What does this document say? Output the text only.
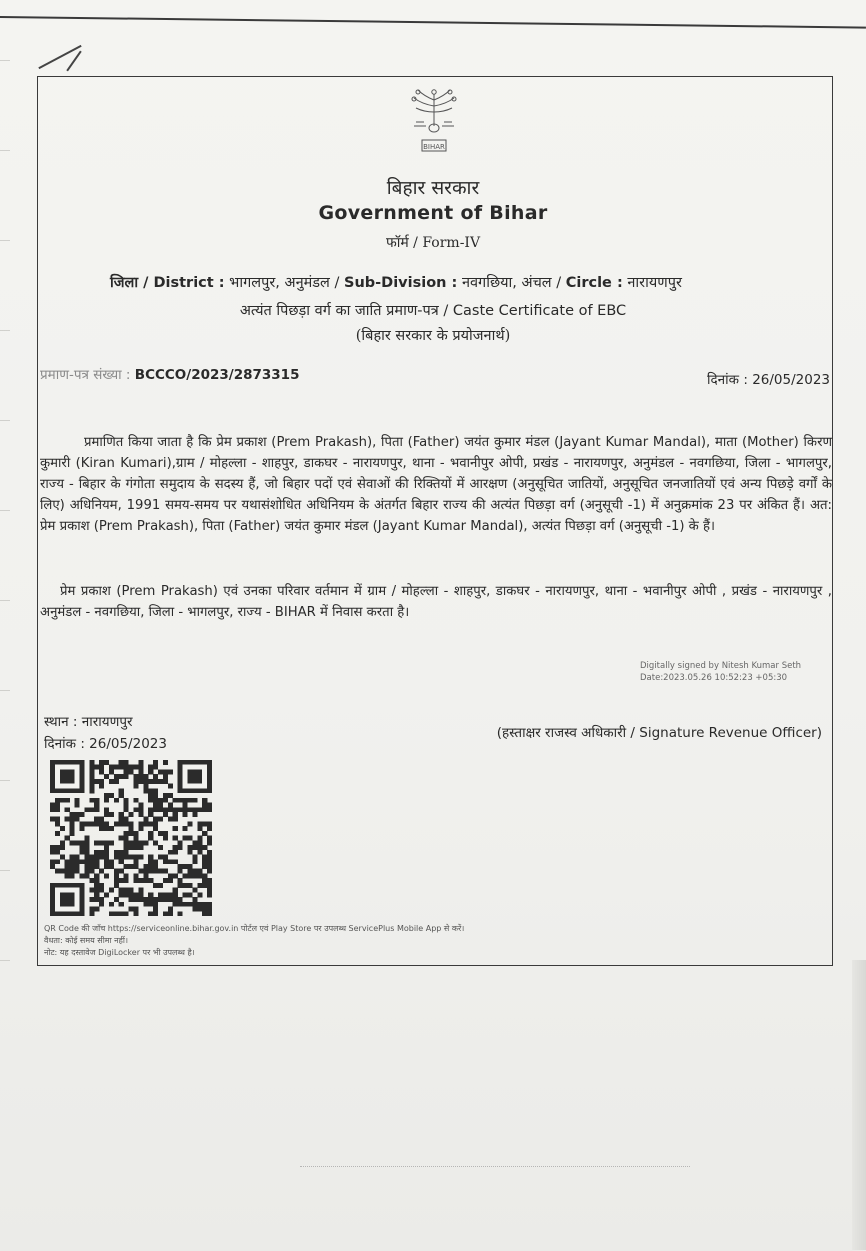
BIHAR
बिहार सरकार
Government of Bihar
फॉर्म / Form-IV
जिला / District : भागलपुर, अनुमंडल / Sub-Division : नवगछिया, अंचल / Circle : नारायणपुर
अत्यंत पिछड़ा वर्ग का जाति प्रमाण-पत्र / Caste Certificate of EBC
(बिहार सरकार के प्रयोजनार्थ)
प्रमाण-पत्र संख्या : BCCCO/2023/2873315	दिनांक : 26/05/2023
प्रमाणित किया जाता है कि प्रेम प्रकाश (Prem Prakash), पिता (Father) जयंत कुमार मंडल (Jayant Kumar Mandal), माता (Mother) किरण कुमारी (Kiran Kumari),ग्राम / मोहल्ला - शाहपुर, डाकघर - नारायणपुर, थाना - भवानीपुर ओपी, प्रखंड - नारायणपुर, अनुमंडल - नवगछिया, जिला - भागलपुर, राज्य - बिहार के गंगोता समुदाय के सदस्य हैं, जो बिहार पदों एवं सेवाओं की रिक्तियों में आरक्षण (अनुसूचित जातियों, अनुसूचित जनजातियों एवं अन्य पिछड़े वर्गों के लिए) अधिनियम, 1991 समय-समय पर यथासंशोधित अधिनियम के अंतर्गत बिहार राज्य की अत्यंत पिछड़ा वर्ग (अनुसूची -1) में अनुक्रमांक 23 पर अंकित हैं। अत: प्रेम प्रकाश (Prem Prakash), पिता (Father) जयंत कुमार मंडल (Jayant Kumar Mandal), अत्यंत पिछड़ा वर्ग (अनुसूची -1) के हैं।
प्रेम प्रकाश (Prem Prakash) एवं उनका परिवार वर्तमान में ग्राम / मोहल्ला - शाहपुर, डाकघर - नारायणपुर, थाना - भवानीपुर ओपी , प्रखंड - नारायणपुर , अनुमंडल - नवगछिया, जिला - भागलपुर, राज्य - BIHAR में निवास करता है।
Digitally signed by Nitesh Kumar Seth
Date:2023.05.26 10:52:23 +05:30
स्थान : नारायणपुर
दिनांक : 26/05/2023
(हस्ताक्षर राजस्व अधिकारी / Signature Revenue Officer)
QR Code की जाँच https://serviceonline.bihar.gov.in पोर्टल एवं Play Store पर उपलब्ध ServicePlus Mobile App से करें।
वैधता: कोई समय सीमा नहीं।
नोट: यह दस्तावेज DigiLocker पर भी उपलब्ध है।
